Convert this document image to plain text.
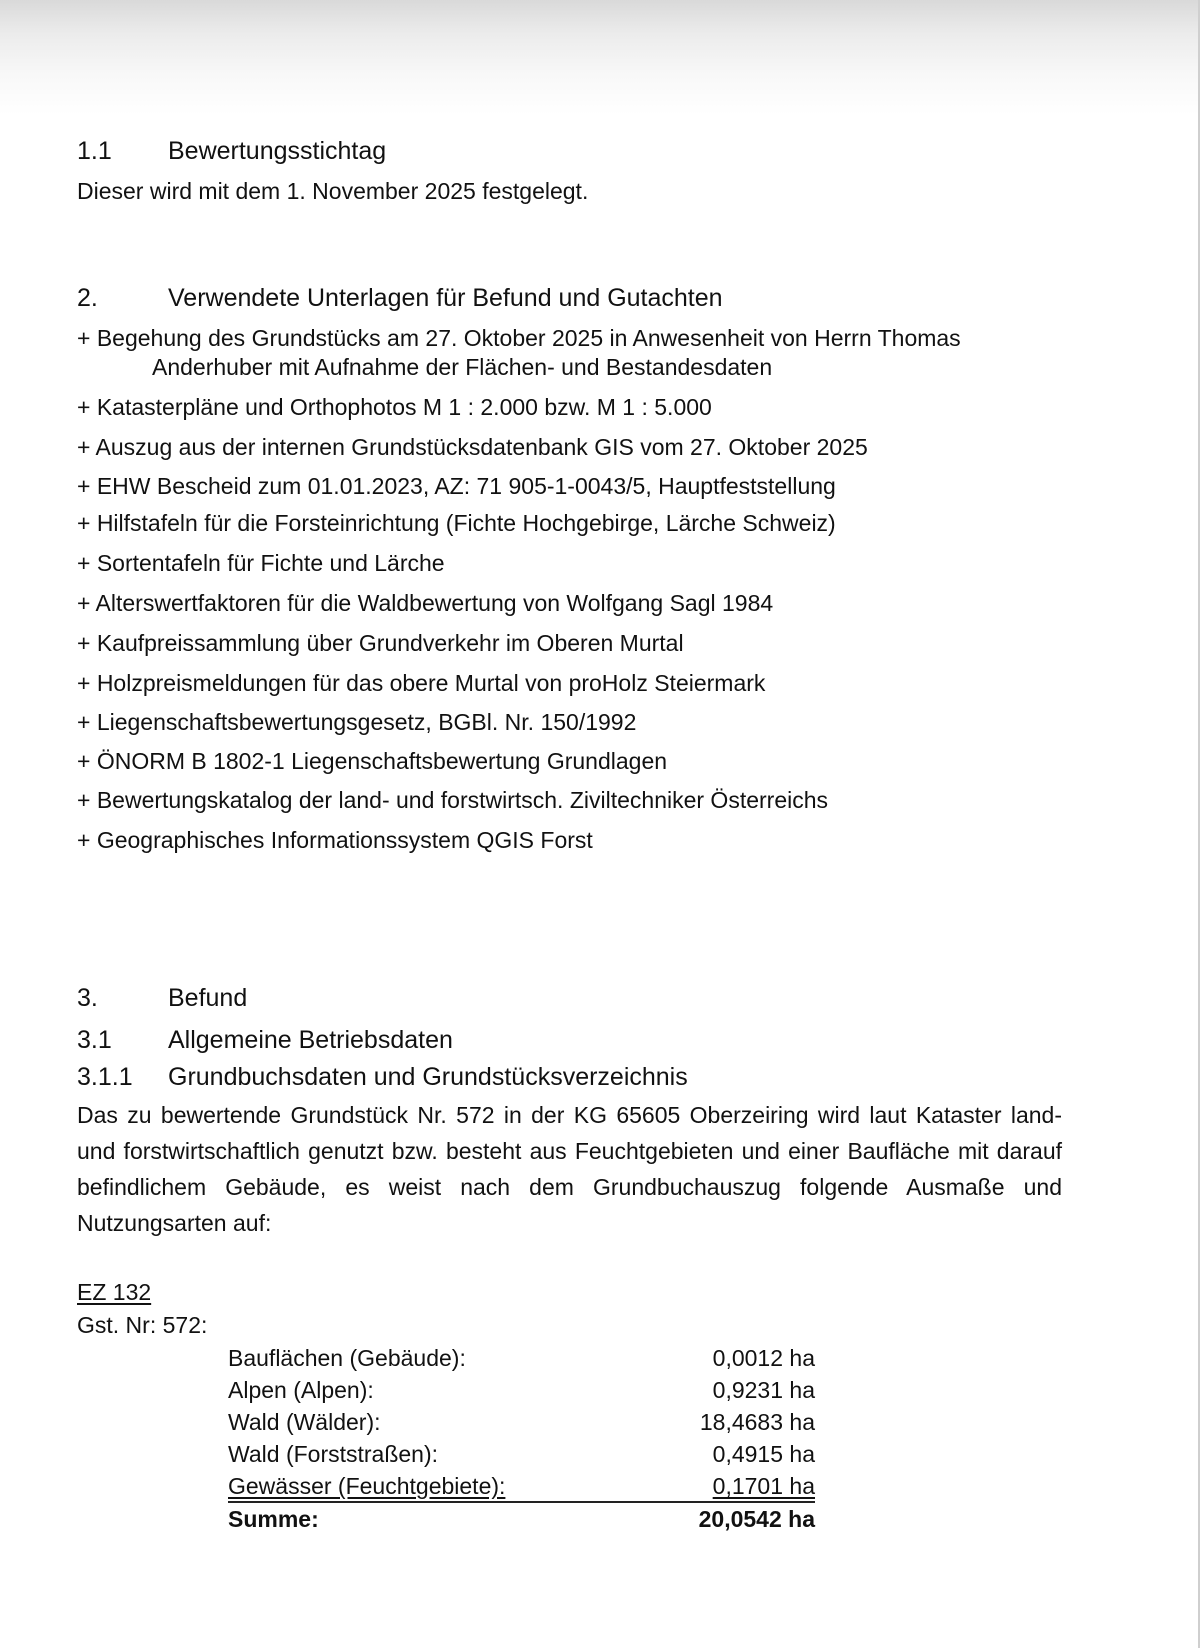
1.1 Bewertungsstichtag
Dieser wird mit dem 1. November 2025 festgelegt.
2.	Verwendete Unterlagen für Befund und Gutachten
+ Begehung des Grundstücks am 27. Oktober 2025 in Anwesenheit von Herrn Thomas
Anderhuber mit Aufnahme der Flächen- und Bestandesdaten
+ Katasterpläne und Orthophotos M 1 : 2.000 bzw. M 1 : 5.000
+ Auszug aus der internen Grundstücksdatenbank GIS vom 27. Oktober 2025
+ EHW Bescheid zum 01.01.2023, AZ: 71 905-1-0043/5, Hauptfeststellung
+ Hilfstafeln für die Forsteinrichtung (Fichte Hochgebirge, Lärche Schweiz)
+ Sortentafeln für Fichte und Lärche
+ Alterswertfaktoren für die Waldbewertung von Wolfgang Sagl 1984
+ Kaufpreissammlung über Grundverkehr im Oberen Murtal
+ Holzpreismeldungen für das obere Murtal von proHolz Steiermark
+ Liegenschaftsbewertungsgesetz, BGBl. Nr. 150/1992
+ ÖNORM B 1802-1 Liegenschaftsbewertung Grundlagen
+ Bewertungskatalog der land- und forstwirtsch. Ziviltechniker Österreichs
+ Geographisches Informationssystem QGIS Forst
3.	Befund
3.1 Allgemeine Betriebsdaten
3.1.1 Grundbuchsdaten und Grundstücksverzeichnis
Das zu bewertende Grundstück Nr. 572 in der KG 65605 Oberzeiring wird laut Kataster land- und forstwirtschaftlich genutzt bzw. besteht aus Feuchtgebieten und einer Baufläche mit darauf befindlichem Gebäude, es weist nach dem Grundbuchauszug folgende Ausmaße und Nutzungsarten auf:
EZ 132
Gst. Nr: 572:
Bauflächen (Gebäude):	0,0012 ha
Alpen (Alpen):	0,9231 ha
Wald (Wälder):	18,4683 ha
Wald (Forststraßen):	0,4915 ha
Gewässer (Feuchtgebiete):	0,1701 ha
Summe:	20,0542 ha
